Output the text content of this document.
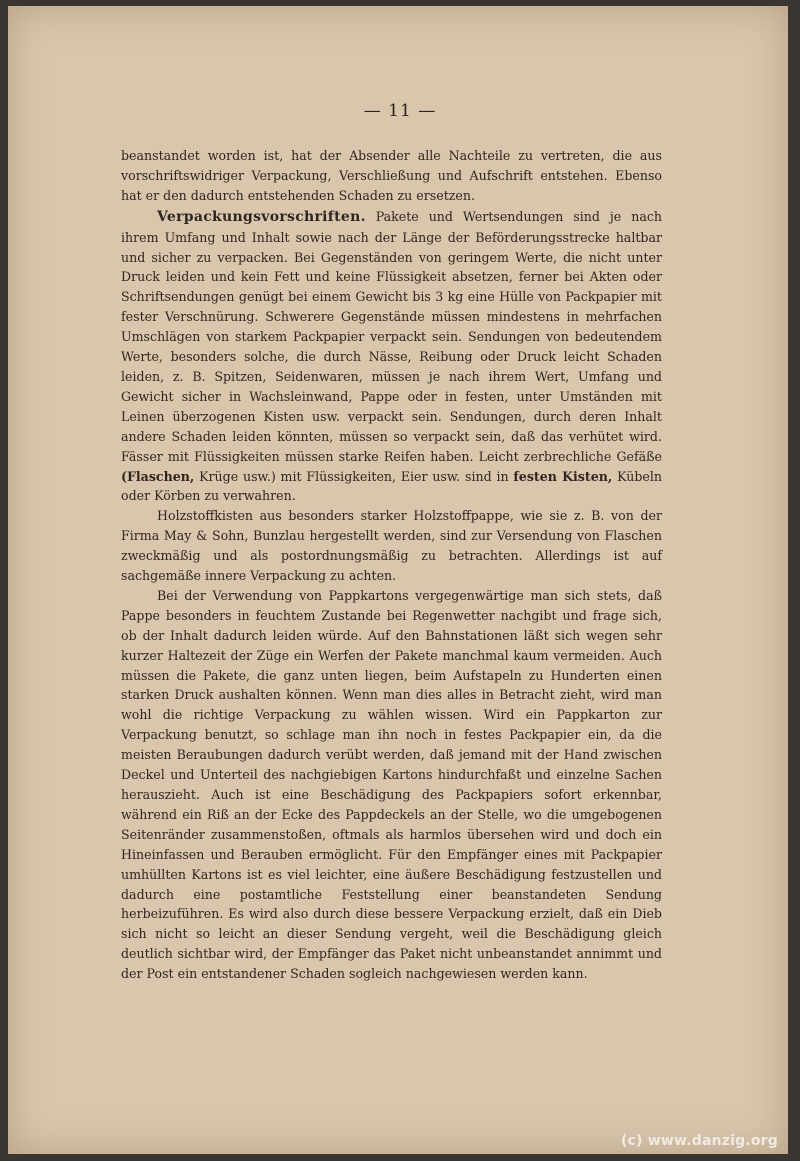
— 11 —

beanstandet worden ist, hat der Absender alle Nachteile zu vertreten, die aus vorschriftswidriger Verpackung, Verschließung und Aufschrift entstehen. Ebenso hat er den dadurch entstehenden Schaden zu ersetzen.

Verpackungsvorschriften. Pakete und Wertsendungen sind je nach ihrem Umfang und Inhalt sowie nach der Länge der Beförderungsstrecke haltbar und sicher zu verpacken. Bei Gegenständen von geringem Werte, die nicht unter Druck leiden und kein Fett und keine Flüssigkeit absetzen, ferner bei Akten oder Schriftsendungen genügt bei einem Gewicht bis 3 kg eine Hülle von Packpapier mit fester Verschnürung. Schwerere Gegenstände müssen mindestens in mehrfachen Umschlägen von starkem Packpapier verpackt sein. Sendungen von bedeutendem Werte, besonders solche, die durch Nässe, Reibung oder Druck leicht Schaden leiden, z. B. Spitzen, Seidenwaren, müssen je nach ihrem Wert, Umfang und Gewicht sicher in Wachsleinwand, Pappe oder in festen, unter Umständen mit Leinen überzogenen Kisten usw. verpackt sein. Sendungen, durch deren Inhalt andere Schaden leiden könnten, müssen so verpackt sein, daß das verhütet wird. Fässer mit Flüssigkeiten müssen starke Reifen haben. Leicht zerbrechliche Gefäße (Flaschen, Krüge usw.) mit Flüssigkeiten, Eier usw. sind in festen Kisten, Kübeln oder Körben zu verwahren.

Holzstoffkisten aus besonders starker Holzstoffpappe, wie sie z. B. von der Firma May & Sohn, Bunzlau hergestellt werden, sind zur Versendung von Flaschen zweckmäßig und als postordnungsmäßig zu betrachten. Allerdings ist auf sachgemäße innere Verpackung zu achten.

Bei der Verwendung von Pappkartons vergegenwärtige man sich stets, daß Pappe besonders in feuchtem Zustande bei Regenwetter nachgibt und frage sich, ob der Inhalt dadurch leiden würde. Auf den Bahnstationen läßt sich wegen sehr kurzer Haltezeit der Züge ein Werfen der Pakete manchmal kaum vermeiden. Auch müssen die Pakete, die ganz unten liegen, beim Aufstapeln zu Hunderten einen starken Druck aushalten können. Wenn man dies alles in Betracht zieht, wird man wohl die richtige Verpackung zu wählen wissen. Wird ein Pappkarton zur Verpackung benutzt, so schlage man ihn noch in festes Packpapier ein, da die meisten Beraubungen dadurch verübt werden, daß jemand mit der Hand zwischen Deckel und Unterteil des nachgiebigen Kartons hindurchfaßt und einzelne Sachen herauszieht. Auch ist eine Beschädigung des Packpapiers sofort erkennbar, während ein Riß an der Ecke des Pappdeckels an der Stelle, wo die umgebogenen Seitenränder zusammenstoßen, oftmals als harmlos übersehen wird und doch ein Hineinfassen und Berauben ermöglicht. Für den Empfänger eines mit Packpapier umhüllten Kartons ist es viel leichter, eine äußere Beschädigung festzustellen und dadurch eine postamtliche Feststellung einer beanstandeten Sendung herbeizuführen. Es wird also durch diese bessere Verpackung erzielt, daß ein Dieb sich nicht so leicht an dieser Sendung vergeht, weil die Beschädigung gleich deutlich sichtbar wird, der Empfänger das Paket nicht unbeanstandet annimmt und der Post ein entstandener Schaden sogleich nachgewiesen werden kann.

(c) www.danzig.org
